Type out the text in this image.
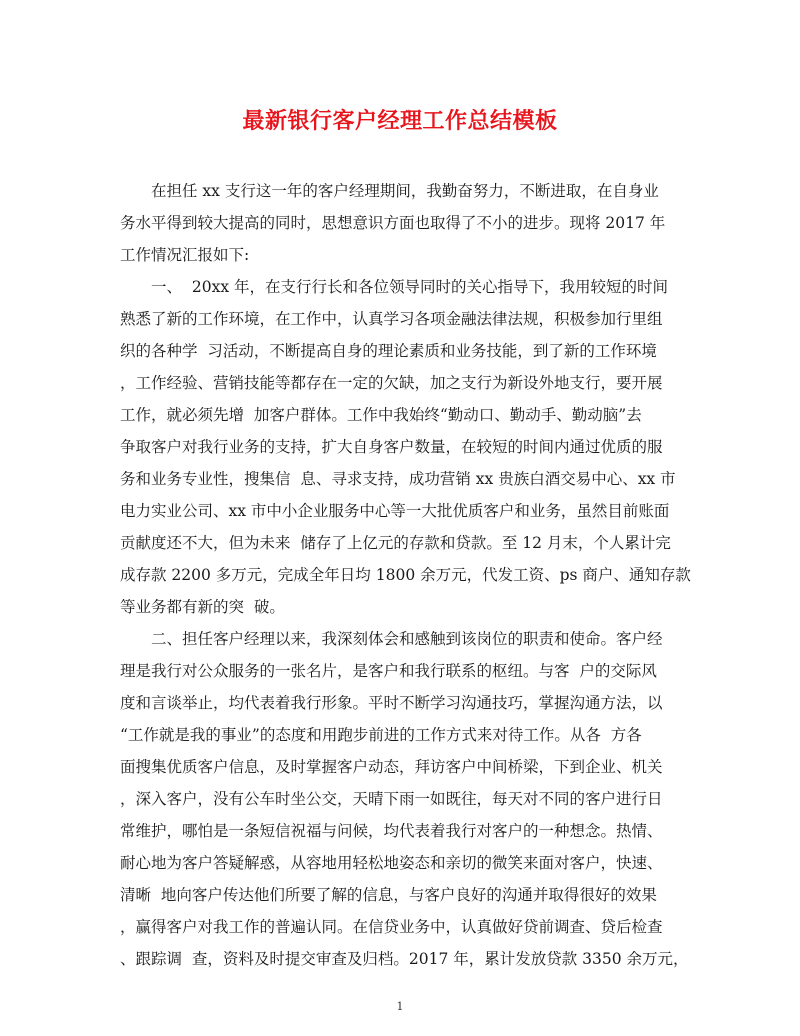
最新银行客户经理工作总结模板
在担任 xx 支行这一年的客户经理期间，我勤奋努力，不断进取，在自身业
务水平得到较大提高的同时，思想意识方面也取得了不小的进步。现将 2017 年
工作情况汇报如下:
一、  20xx 年，在支行行长和各位领导同时的关心指导下，我用较短的时间
熟悉了新的工作环境，在工作中，认真学习各项金融法律法规，积极参加行里组
织的各种学  习活动，不断提高自身的理论素质和业务技能，到了新的工作环境
，工作经验、营销技能等都存在一定的欠缺，加之支行为新设外地支行，要开展
工作，就必须先增  加客户群体。工作中我始终“勤动口、勤动手、勤动脑”去
争取客户对我行业务的支持，扩大自身客户数量，在较短的时间内通过优质的服
务和业务专业性，搜集信  息、寻求支持，成功营销 xx 贵族白酒交易中心、xx 市
电力实业公司、xx 市中小企业服务中心等一大批优质客户和业务，虽然目前账面
贡献度还不大，但为未来  储存了上亿元的存款和贷款。至 12 月末，个人累计完
成存款 2200 多万元，完成全年日均 1800 余万元，代发工资、ps 商户、通知存款
等业务都有新的突  破。
二、担任客户经理以来，我深刻体会和感触到该岗位的职责和使命。客户经
理是我行对公众服务的一张名片，是客户和我行联系的枢纽。与客  户的交际风
度和言谈举止，均代表着我行形象。平时不断学习沟通技巧，掌握沟通方法，以
“工作就是我的事业”的态度和用跑步前进的工作方式来对待工作。从各  方各
面搜集优质客户信息，及时掌握客户动态，拜访客户中间桥梁，下到企业、机关
，深入客户，没有公车时坐公交，天晴下雨一如既往，每天对不同的客户进行日
常维护，哪怕是一条短信祝福与问候，均代表着我行对客户的一种想念。热情、
耐心地为客户答疑解惑，从容地用轻松地姿态和亲切的微笑来面对客户，快速、
清晰  地向客户传达他们所要了解的信息，与客户良好的沟通并取得很好的效果
，赢得客户对我工作的普遍认同。在信贷业务中，认真做好贷前调查、贷后检查
、跟踪调  查，资料及时提交审查及归档。2017 年，累计发放贷款 3350 余万元，
1
